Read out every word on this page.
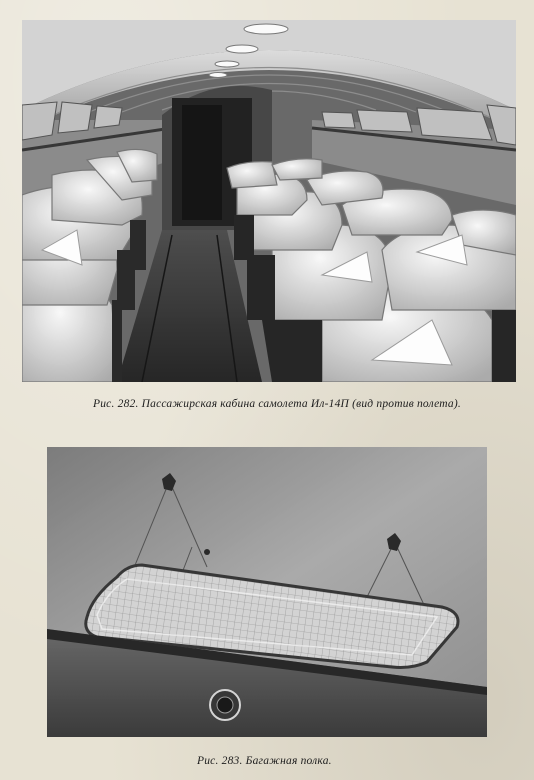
Рис. 282. Пассажирская кабина самолета Ил-14П (вид против полета).
Рис. 283. Багажная полка.
